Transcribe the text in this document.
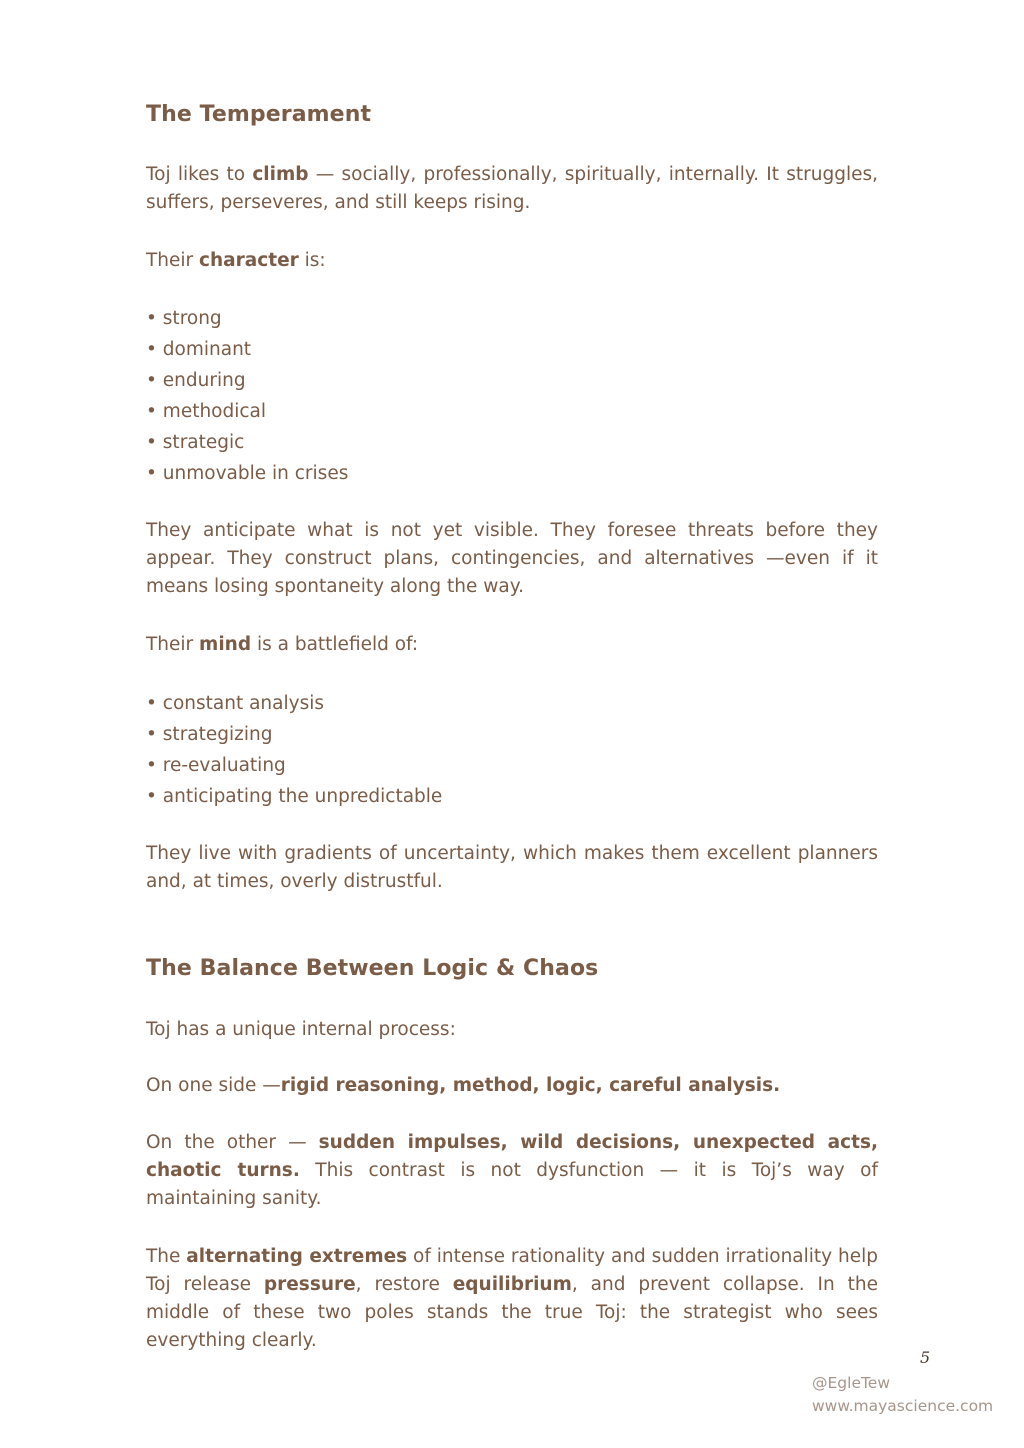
The Temperament

Toj likes to climb — socially, professionally, spiritually, internally. It struggles, suffers, perseveres, and still keeps rising.

Their character is:

• strong
• dominant
• enduring
• methodical
• strategic
• unmovable in crises

They anticipate what is not yet visible. They foresee threats before they appear. They construct plans, contingencies, and alternatives —even if it means losing spontaneity along the way.

Their mind is a battlefield of:

• constant analysis
• strategizing
• re-evaluating
• anticipating the unpredictable

They live with gradients of uncertainty, which makes them excellent planners and, at times, overly distrustful.

The Balance Between Logic & Chaos

Toj has a unique internal process:

On one side —rigid reasoning, method, logic, careful analysis.

On the other — sudden impulses, wild decisions, unexpected acts, chaotic turns. This contrast is not dysfunction — it is Toj’s way of maintaining sanity.

The alternating extremes of intense rationality and sudden irrationality help Toj release pressure, restore equilibrium, and prevent collapse. In the middle of these two poles stands the true Toj: the strategist who sees everything clearly.

5
@EgleTew
www.mayascience.com
